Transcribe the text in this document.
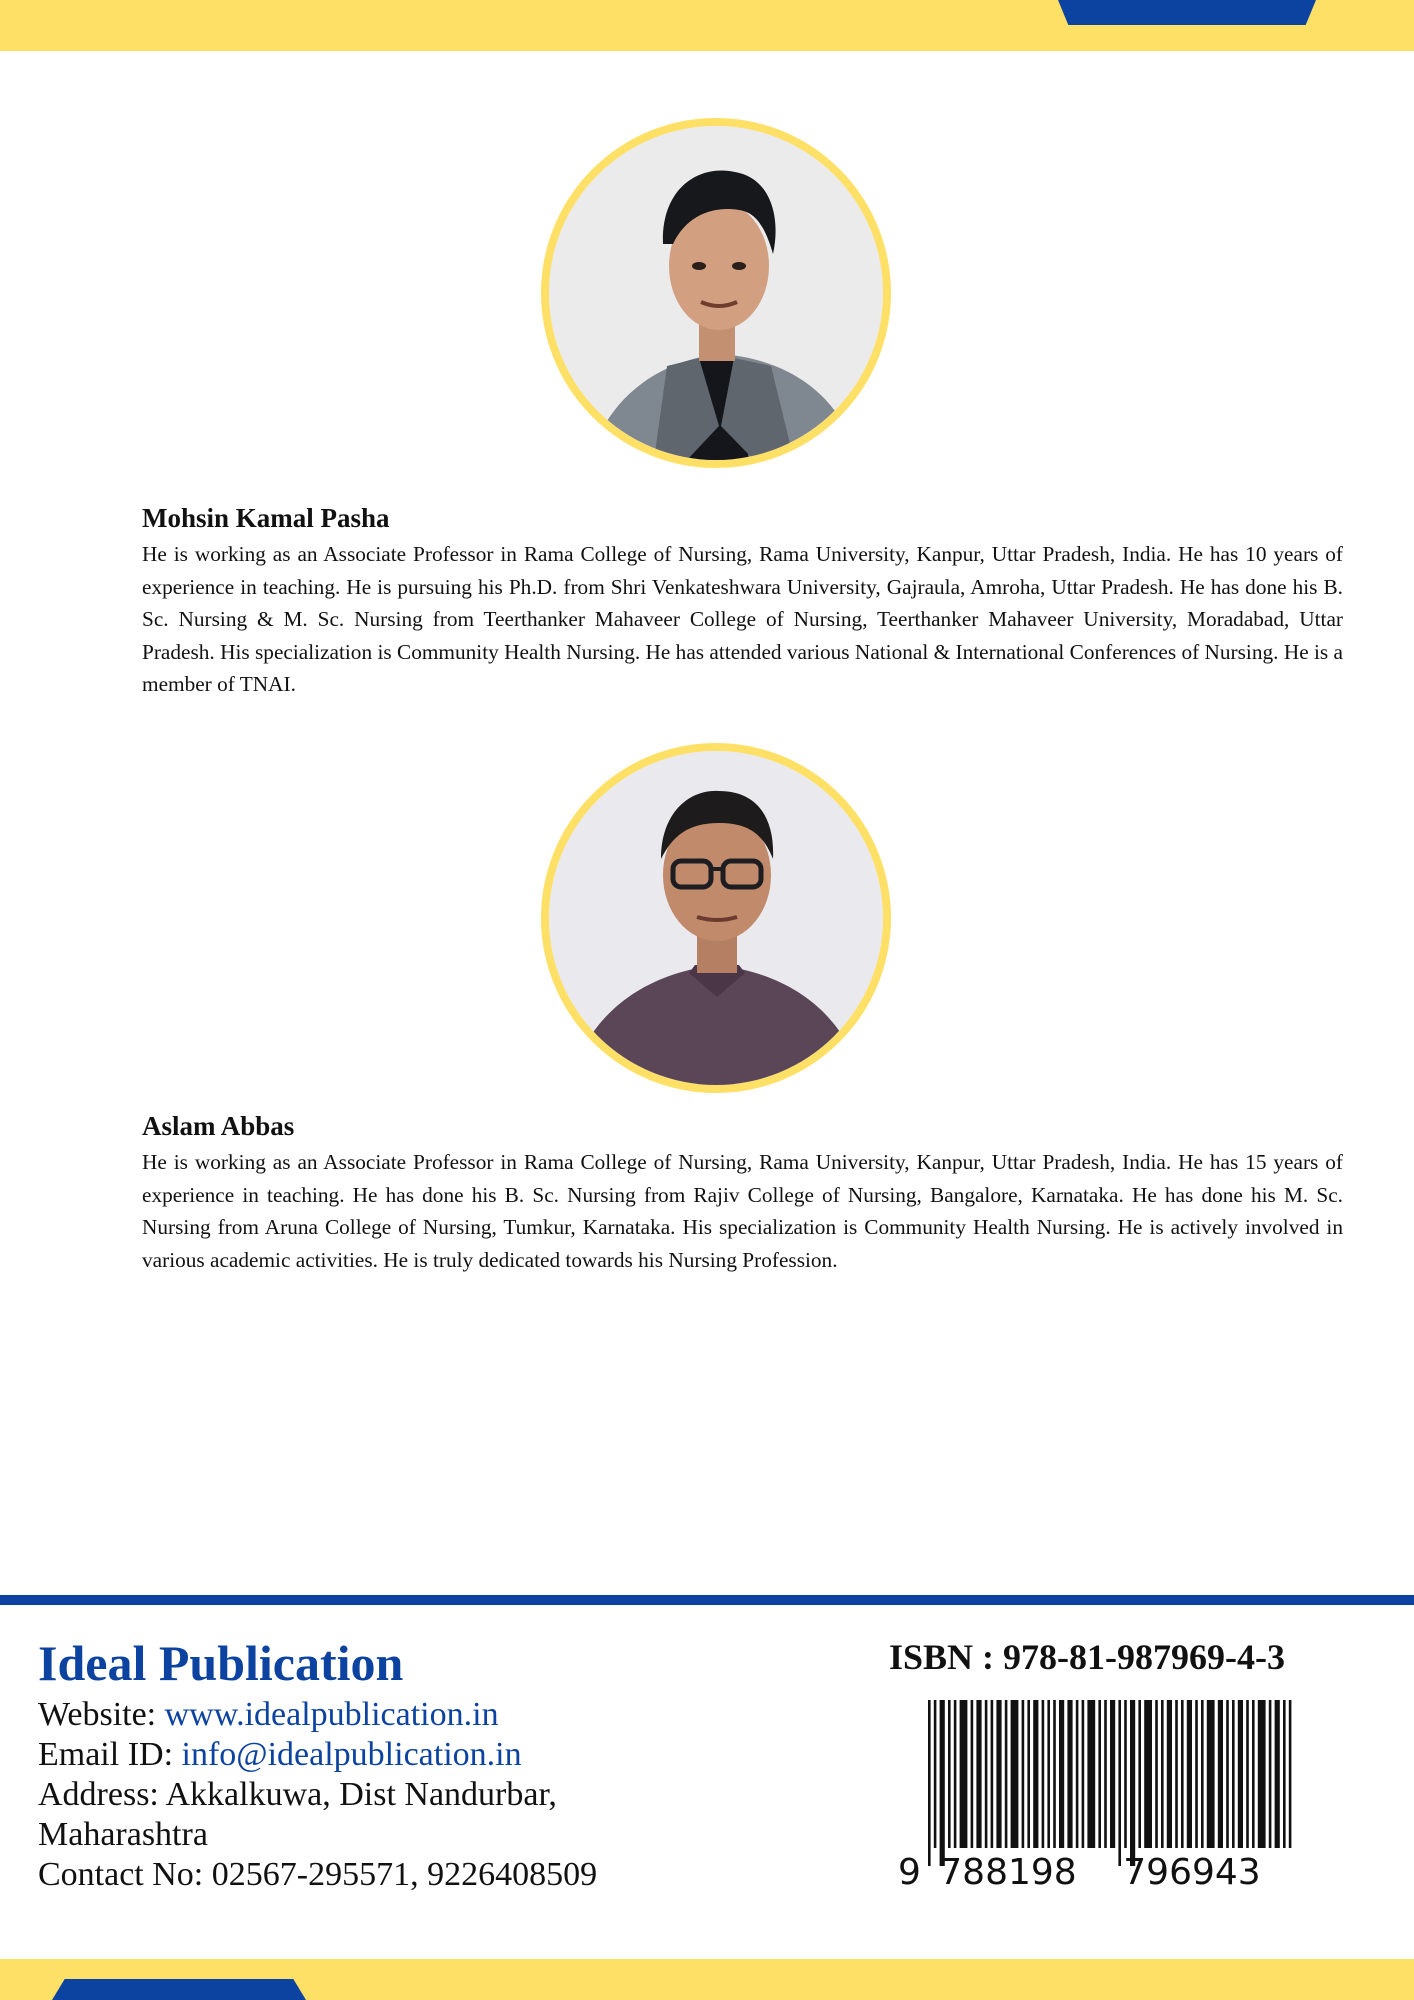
Mohsin Kamal Pasha

He is working as an Associate Professor in Rama College of Nursing, Rama University, Kanpur, Uttar Pradesh, India. He has 10 years of experience in teaching. He is pursuing his Ph.D. from Shri Venkateshwara University, Gajraula, Amroha, Uttar Pradesh. He has done his B. Sc. Nursing & M. Sc. Nursing from Teerthanker Mahaveer College of Nursing, Teerthanker Mahaveer University, Moradabad, Uttar Pradesh. His specialization is Community Health Nursing. He has attended various National & International Conferences of Nursing. He is a member of TNAI.

Aslam Abbas

He is working as an Associate Professor in Rama College of Nursing, Rama University, Kanpur, Uttar Pradesh, India. He has 15 years of experience in teaching. He has done his B. Sc. Nursing from Rajiv College of Nursing, Bangalore, Karnataka. He has done his M. Sc. Nursing from Aruna College of Nursing, Tumkur, Karnataka. His specialization is Community Health Nursing. He is actively involved in various academic activities. He is truly dedicated towards his Nursing Profession.

Ideal Publication
Website: www.idealpublication.in
Email ID: info@idealpublication.in
Address: Akkalkuwa, Dist Nandurbar,
Maharashtra
Contact No: 02567-295571, 9226408509
ISBN : 978-81-987969-4-3
9 788198 796943
